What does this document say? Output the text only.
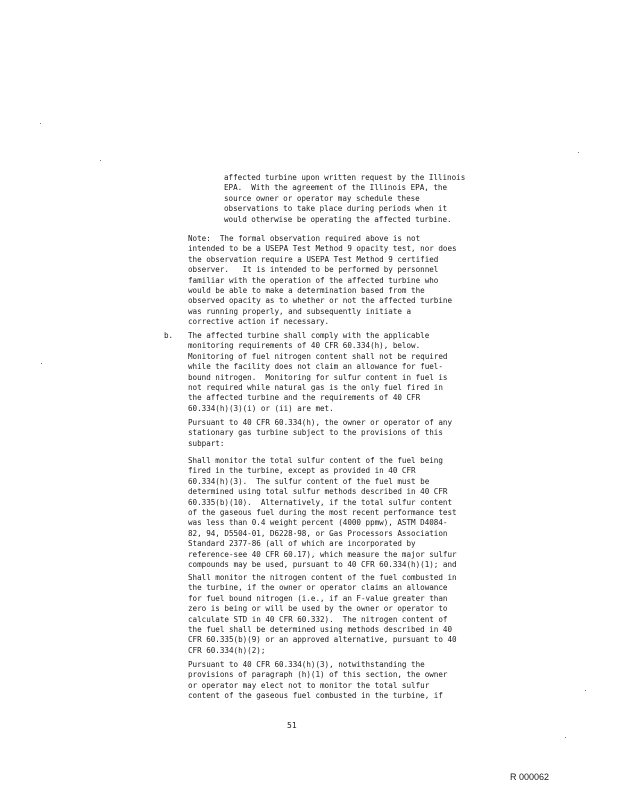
affected turbine upon written request by the Illinois
EPA.  With the agreement of the Illinois EPA, the
source owner or operator may schedule these
observations to take place during periods when it
would otherwise be operating the affected turbine.
Note:  The formal observation required above is not
intended to be a USEPA Test Method 9 opacity test, nor does
the observation require a USEPA Test Method 9 certified
observer.   It is intended to be performed by personnel
familiar with the operation of the affected turbine who
would be able to make a determination based from the
observed opacity as to whether or not the affected turbine
was running properly, and subsequently initiate a
corrective action if necessary.
b. The affected turbine shall comply with the applicable
monitoring requirements of 40 CFR 60.334(h), below.
Monitoring of fuel nitrogen content shall not be required
while the facility does not claim an allowance for fuel-
bound nitrogen.  Monitoring for sulfur content in fuel is
not required while natural gas is the only fuel fired in
the affected turbine and the requirements of 40 CFR
60.334(h)(3)(i) or (ii) are met.
Pursuant to 40 CFR 60.334(h), the owner or operator of any
stationary gas turbine subject to the provisions of this
subpart:
Shall monitor the total sulfur content of the fuel being
fired in the turbine, except as provided in 40 CFR
60.334(h)(3).  The sulfur content of the fuel must be
determined using total sulfur methods described in 40 CFR
60.335(b)(10).  Alternatively, if the total sulfur content
of the gaseous fuel during the most recent performance test
was less than 0.4 weight percent (4000 ppmw), ASTM D4084-
82, 94, D5504-01, D6228-98, or Gas Processors Association
Standard 2377-86 (all of which are incorporated by
reference-see 40 CFR 60.17), which measure the major sulfur
compounds may be used, pursuant to 40 CFR 60.334(h)(1); and
Shall monitor the nitrogen content of the fuel combusted in
the turbine, if the owner or operator claims an allowance
for fuel bound nitrogen (i.e., if an F-value greater than
zero is being or will be used by the owner or operator to
calculate STD in 40 CFR 60.332).  The nitrogen content of
the fuel shall be determined using methods described in 40
CFR 60.335(b)(9) or an approved alternative, pursuant to 40
CFR 60.334(h)(2);
Pursuant to 40 CFR 60.334(h)(3), notwithstanding the
provisions of paragraph (h)(1) of this section, the owner
or operator may elect not to monitor the total sulfur
content of the gaseous fuel combusted in the turbine, if
51
R 000062
